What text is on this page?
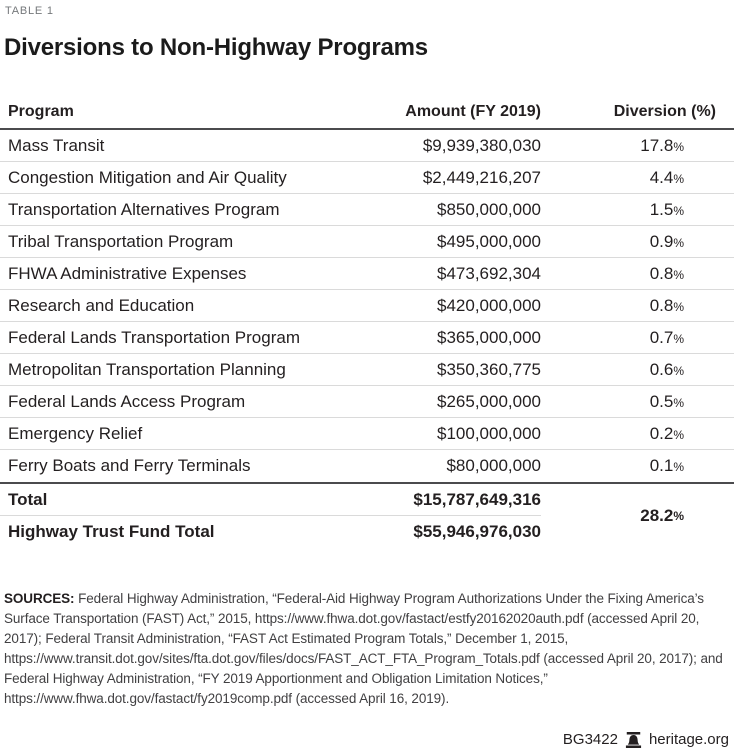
TABLE 1
Diversions to Non-Highway Programs
Program	Amount (FY 2019)	Diversion (%)
Mass Transit	$9,939,380,030	17.8%
Congestion Mitigation and Air Quality	$2,449,216,207	4.4%
Transportation Alternatives Program	$850,000,000	1.5%
Tribal Transportation Program	$495,000,000	0.9%
FHWA Administrative Expenses	$473,692,304	0.8%
Research and Education	$420,000,000	0.8%
Federal Lands Transportation Program	$365,000,000	0.7%
Metropolitan Transportation Planning	$350,360,775	0.6%
Federal Lands Access Program	$265,000,000	0.5%
Emergency Relief	$100,000,000	0.2%
Ferry Boats and Ferry Terminals	$80,000,000	0.1%
Total	$15,787,649,316
Highway Trust Fund Total	$55,946,976,030
28.2 %

SOURCES: Federal Highway Administration, “Federal-Aid Highway Program Authorizations Under the Fixing America’s Surface Transportation (FAST) Act,” 2015, https://www.fhwa.dot.gov/fastact/estfy20162020auth.pdf (accessed April 20, 2017); Federal Transit Administration, “FAST Act Estimated Program Totals,” December 1, 2015, https://www.transit.dot.gov/sites/fta.dot.gov/files/docs/FAST_ACT_FTA_Program_Totals.pdf (accessed April 20, 2017); and Federal Highway Administration, “FY 2019 Apportionment and Obligation Limitation Notices,” https://www.fhwa.dot.gov/fastact/fy2019comp.pdf (accessed April 16, 2019).

BG3422 heritage.org
